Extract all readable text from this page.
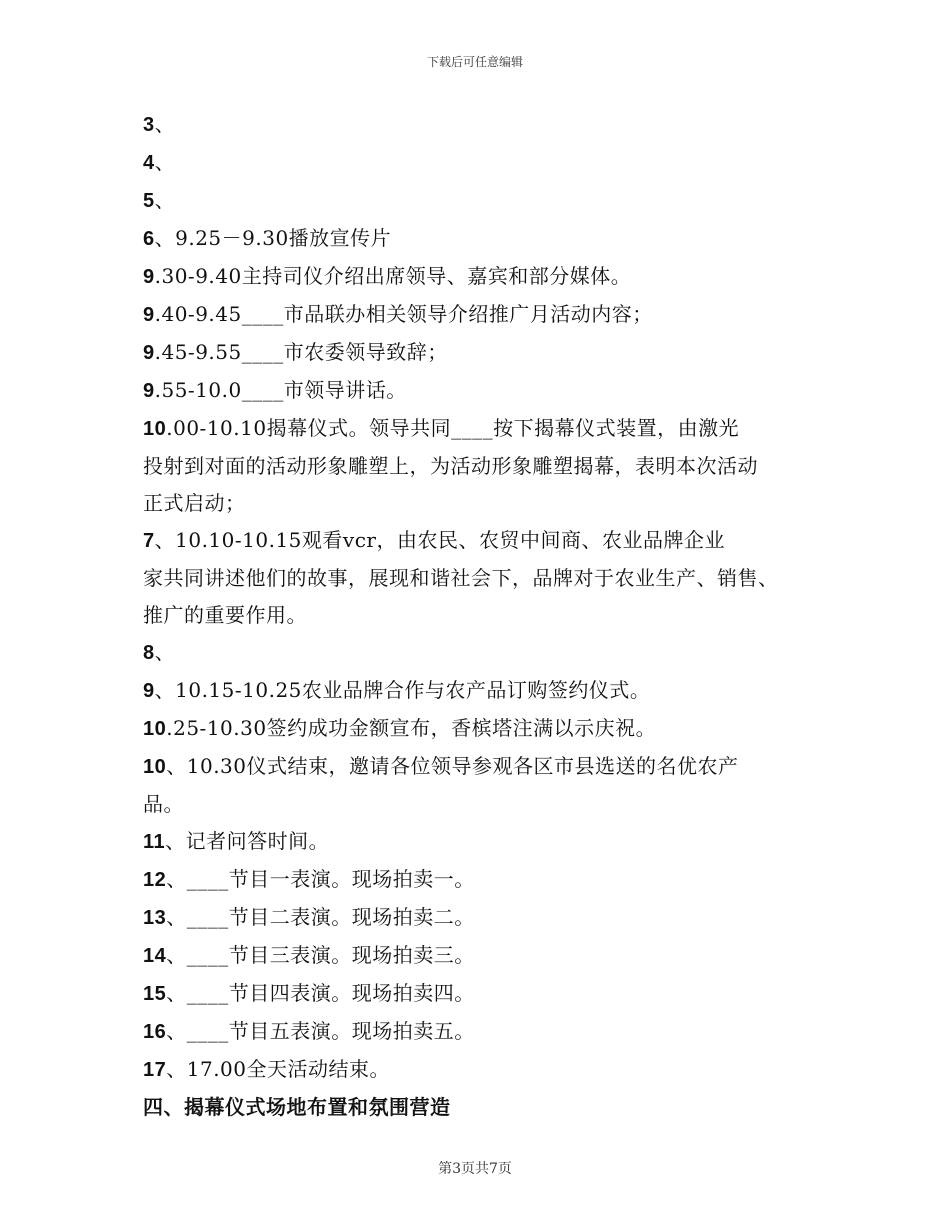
下载后可任意编辑
3、
4、
5、
6、9.25－9.30播放宣传片
9.30-9.40主持司仪介绍出席领导、嘉宾和部分媒体。
9.40-9.45____市品联办相关领导介绍推广月活动内容；
9.45-9.55____市农委领导致辞；
9.55-10.0____市领导讲话。
10.00-10.10揭幕仪式。领导共同____按下揭幕仪式装置，由激光
投射到对面的活动形象雕塑上，为活动形象雕塑揭幕，表明本次活动
正式启动；
7、10.10-10.15观看vcr，由农民、农贸中间商、农业品牌企业
家共同讲述他们的故事，展现和谐社会下，品牌对于农业生产、销售、
推广的重要作用。
8、
9、10.15-10.25农业品牌合作与农产品订购签约仪式。
10.25-10.30签约成功金额宣布，香槟塔注满以示庆祝。
10、10.30仪式结束，邀请各位领导参观各区市县选送的名优农产
品。
11、记者问答时间。
12、____节目一表演。现场拍卖一。
13、____节目二表演。现场拍卖二。
14、____节目三表演。现场拍卖三。
15、____节目四表演。现场拍卖四。
16、____节目五表演。现场拍卖五。
17、17.00全天活动结束。
四、揭幕仪式场地布置和氛围营造
第3页共7页
